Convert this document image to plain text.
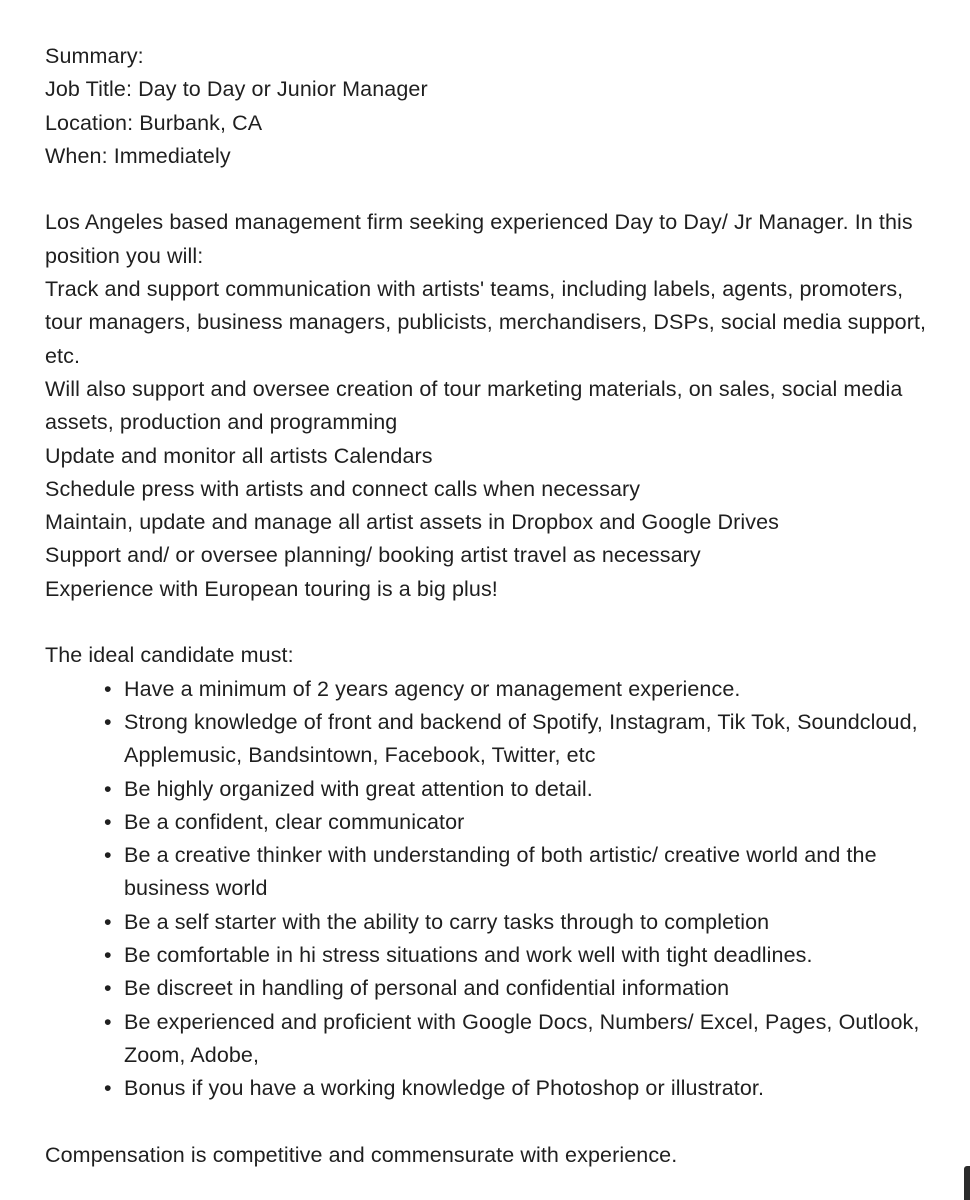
Summary:
Job Title: Day to Day or Junior Manager
Location: Burbank, CA
When: Immediately
Los Angeles based management firm seeking experienced Day to Day/ Jr Manager. In this position you will:
Track and support communication with artists' teams, including labels, agents, promoters, tour managers, business managers, publicists, merchandisers, DSPs, social media support, etc.
Will also support and oversee creation of tour marketing materials, on sales, social media assets, production and programming
Update and monitor all artists Calendars
Schedule press with artists and connect calls when necessary
Maintain, update and manage all artist assets in Dropbox and Google Drives
Support and/ or oversee planning/ booking artist travel as necessary
Experience with European touring is a big plus!
The ideal candidate must:
• Have a minimum of 2 years agency or management experience.
• Strong knowledge of front and backend of Spotify, Instagram, Tik Tok, Soundcloud, Applemusic, Bandsintown, Facebook, Twitter, etc
• Be highly organized with great attention to detail.
• Be a confident, clear communicator
• Be a creative thinker with understanding of both artistic/ creative world and the business world
• Be a self starter with the ability to carry tasks through to completion
• Be comfortable in hi stress situations and work well with tight deadlines.
• Be discreet in handling of personal and confidential information
• Be experienced and proficient with Google Docs, Numbers/ Excel, Pages, Outlook, Zoom, Adobe,
• Bonus if you have a working knowledge of Photoshop or illustrator.
Compensation is competitive and commensurate with experience.
